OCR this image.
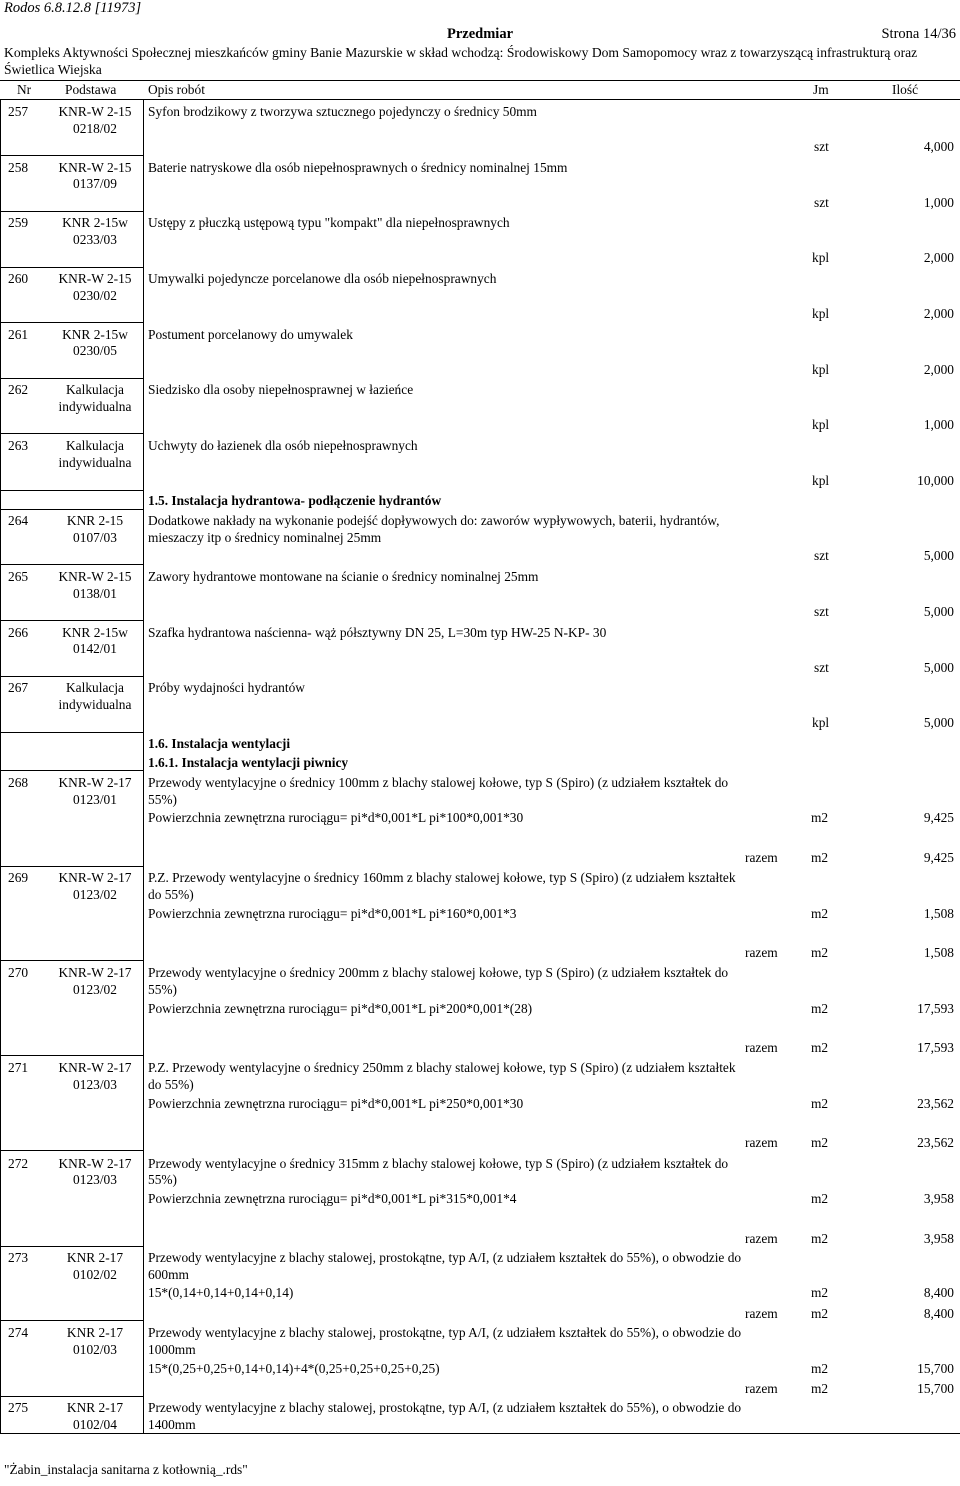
Rodos 6.8.12.8 [11973]
Przedmiar	Strona 14/36
Kompleks Aktywności Społecznej mieszkańców gminy Banie Mazurskie w skład wchodzą: Środowiskowy Dom Samopomocy wraz z towarzyszącą infrastrukturą oraz
Świetlica Wiejska
Nr	Podstawa Opis robót	Jm	Ilość
257	KNR-W 2-15
0218/02
Syfon brodzikowy z tworzywa sztucznego pojedynczy o średnicy 50mm
szt	4,000
258	KNR-W 2-15
0137/09
Baterie natryskowe dla osób niepełnosprawnych o średnicy nominalnej 15mm
szt	1,000
259	KNR 2-15w
0233/03
Ustępy z płuczką ustępową typu "kompakt" dla niepełnosprawnych
kpl	2,000
260	KNR-W 2-15
0230/02
Umywalki pojedyncze porcelanowe dla osób niepełnosprawnych
kpl	2,000
261	KNR 2-15w
0230/05
Postument porcelanowy do umywalek
kpl	2,000
262	Kalkulacja
indywidualna
Siedzisko dla osoby niepełnosprawnej w łazieńce
kpl	1,000
263	Kalkulacja
indywidualna
Uchwyty do łazienek dla osób niepełnosprawnych
kpl	10,000
1.5. Instalacja hydrantowa- podłączenie hydrantów
264	KNR 2-15
0107/03
Dodatkowe nakłady na wykonanie podejść dopływowych do: zaworów wypływowych, baterii, hydrantów,
mieszaczy itp o średnicy nominalnej 25mm
szt	5,000
265	KNR-W 2-15
0138/01
Zawory hydrantowe montowane na ścianie o średnicy nominalnej 25mm
szt	5,000
266	KNR 2-15w
0142/01
Szafka hydrantowa naścienna- wąż półsztywny DN 25, L=30m typ HW-25 N-KP- 30
szt	5,000
267	Kalkulacja
indywidualna
Próby wydajności hydrantów
kpl	5,000
1.6. Instalacja wentylacji
1.6.1. Instalacja wentylacji piwnicy
268	KNR-W 2-17
0123/01
Przewody wentylacyjne o średnicy 100mm z blachy stalowej kołowe, typ S (Spiro) (z udziałem kształtek do
55%)
Powierzchnia zewnętrzna rurociągu= pi*d*0,001*L pi*100*0,001*30	m2	9,425
razem m2	9,425
269	KNR-W 2-17
0123/02
P.Z. Przewody wentylacyjne o średnicy 160mm z blachy stalowej kołowe, typ S (Spiro) (z udziałem kształtek
do 55%)
Powierzchnia zewnętrzna rurociągu= pi*d*0,001*L pi*160*0,001*3	m2	1,508
razem m2	1,508
270	KNR-W 2-17
0123/02
Przewody wentylacyjne o średnicy 200mm z blachy stalowej kołowe, typ S (Spiro) (z udziałem kształtek do
55%)
Powierzchnia zewnętrzna rurociągu= pi*d*0,001*L pi*200*0,001*(28)	m2	17,593
razem m2	17,593
271	KNR-W 2-17
0123/03
P.Z. Przewody wentylacyjne o średnicy 250mm z blachy stalowej kołowe, typ S (Spiro) (z udziałem kształtek
do 55%)
Powierzchnia zewnętrzna rurociągu= pi*d*0,001*L pi*250*0,001*30	m2	23,562
razem m2	23,562
272	KNR-W 2-17
0123/03
Przewody wentylacyjne o średnicy 315mm z blachy stalowej kołowe, typ S (Spiro) (z udziałem kształtek do
55%)
Powierzchnia zewnętrzna rurociągu= pi*d*0,001*L pi*315*0,001*4	m2	3,958
razem m2	3,958
273	KNR 2-17
0102/02
Przewody wentylacyjne z blachy stalowej, prostokątne, typ A/I, (z udziałem kształtek do 55%), o obwodzie do
600mm
15*(0,14+0,14+0,14+0,14)	m2	8,400
razem m2	8,400
274	KNR 2-17
0102/03
Przewody wentylacyjne z blachy stalowej, prostokątne, typ A/I, (z udziałem kształtek do 55%), o obwodzie do
1000mm
15*(0,25+0,25+0,14+0,14)+4*(0,25+0,25+0,25+0,25)	m2	15,700
razem m2	15,700
275	KNR 2-17
0102/04
Przewody wentylacyjne z blachy stalowej, prostokątne, typ A/I, (z udziałem kształtek do 55%), o obwodzie do
1400mm
"Żabin_instalacja sanitarna z kotłownią_.rds"
